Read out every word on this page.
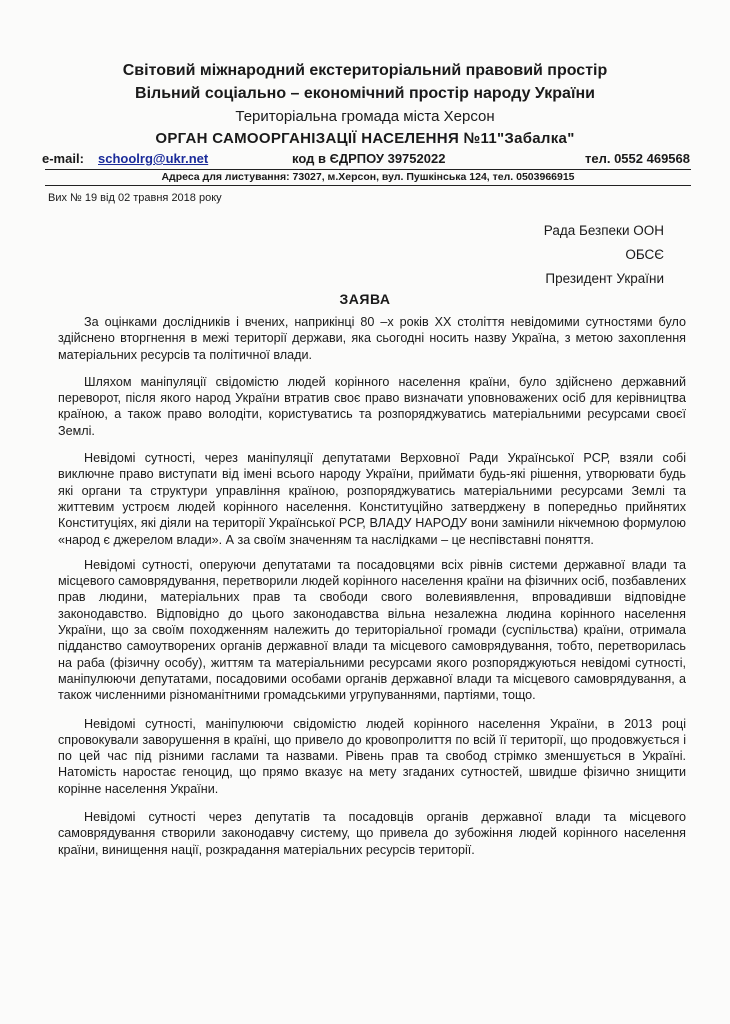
Світовий міжнародний екстериторіальний правовий простір
Вільний соціально – економічний простір народу України
Територіальна громада міста Херсон
ОРГАН САМООРГАНІЗАЦІЇ НАСЕЛЕННЯ №11"Забалка"
e-mail: schoolrg@ukr.net	код в ЄДРПОУ 39752022	тел. 0552 469568
Адреса для листування: 73027, м.Херсон, вул. Пушкінська 124, тел. 0503966915
Вих № 19 від 02 травня 2018 року
Рада Безпеки ООН
ОБСЄ
Президент України
ЗАЯВА

За оцінками дослідників і вчених, наприкінці 80 –х років XX століття невідомими сутностями було здійснено вторгнення в межі території держави, яка сьогодні носить назву Україна, з метою захоплення матеріальних ресурсів та політичної влади.

Шляхом маніпуляції свідомістю людей корінного населення країни, було здійснено державний переворот, після якого народ України втратив своє право визначати уповноважених осіб для керівництва країною, а також право володіти, користуватись та розпоряджуватись матеріальними ресурсами своєї Землі.

Невідомі сутності, через маніпуляції депутатами Верховної Ради Української РСР, взяли собі виключне право виступати від імені всього народу України, приймати будь-які рішення, утворювати будь які органи та структури управління країною, розпоряджуватись матеріальними ресурсами Землі та життевим устроєм людей корінного населення. Конституційно затверджену в попередньо прийнятих Конституціях, які діяли на території Української РСР, ВЛАДУ НАРОДУ вони замінили нікчемною формулою «народ є джерелом влади». А за своїм значенням та наслідками – це неспівставні поняття.

Невідомі сутності, оперуючи депутатами та посадовцями всіх рівнів системи державної влади та місцевого самоврядування, перетворили людей корінного населення країни на фізичних осіб, позбавлених прав людини, матеріальних прав та свободи свого волевиявлення, впровадивши відповідне законодавство. Відповідно до цього законодавства вільна незалежна людина корінного населення України, що за своїм походженням належить до територіальної громади (суспільства) країни, отримала підданство самоутворених органів державної влади та місцевого самоврядування, тобто, перетворилась на раба (фізичну особу), життям та матеріальними ресурсами якого розпоряджуються невідомі сутності, маніпулюючи депутатами, посадовими особами органів державної влади та місцевого самоврядування, а також численними різноманітними громадськими угрупуваннями, партіями, тощо.

Невідомі сутності, маніпулюючи свідомістю людей корінного населення України, в 2013 році спровокували заворушення в країні, що привело до кровопролиття по всій її території, що продовжується і по цей час під різними гаслами та назвами. Рівень прав та свобод стрімко зменшується в Україні. Натомість наростає геноцид, що прямо вказує на мету згаданих сутностей, швидше фізично знищити корінне населення України.

Невідомі сутності через депутатів та посадовців органів державної влади та місцевого самоврядування створили законодавчу систему, що привела до зубожіння людей корінного населення країни, винищення нації, розкрадання матеріальних ресурсів території.
